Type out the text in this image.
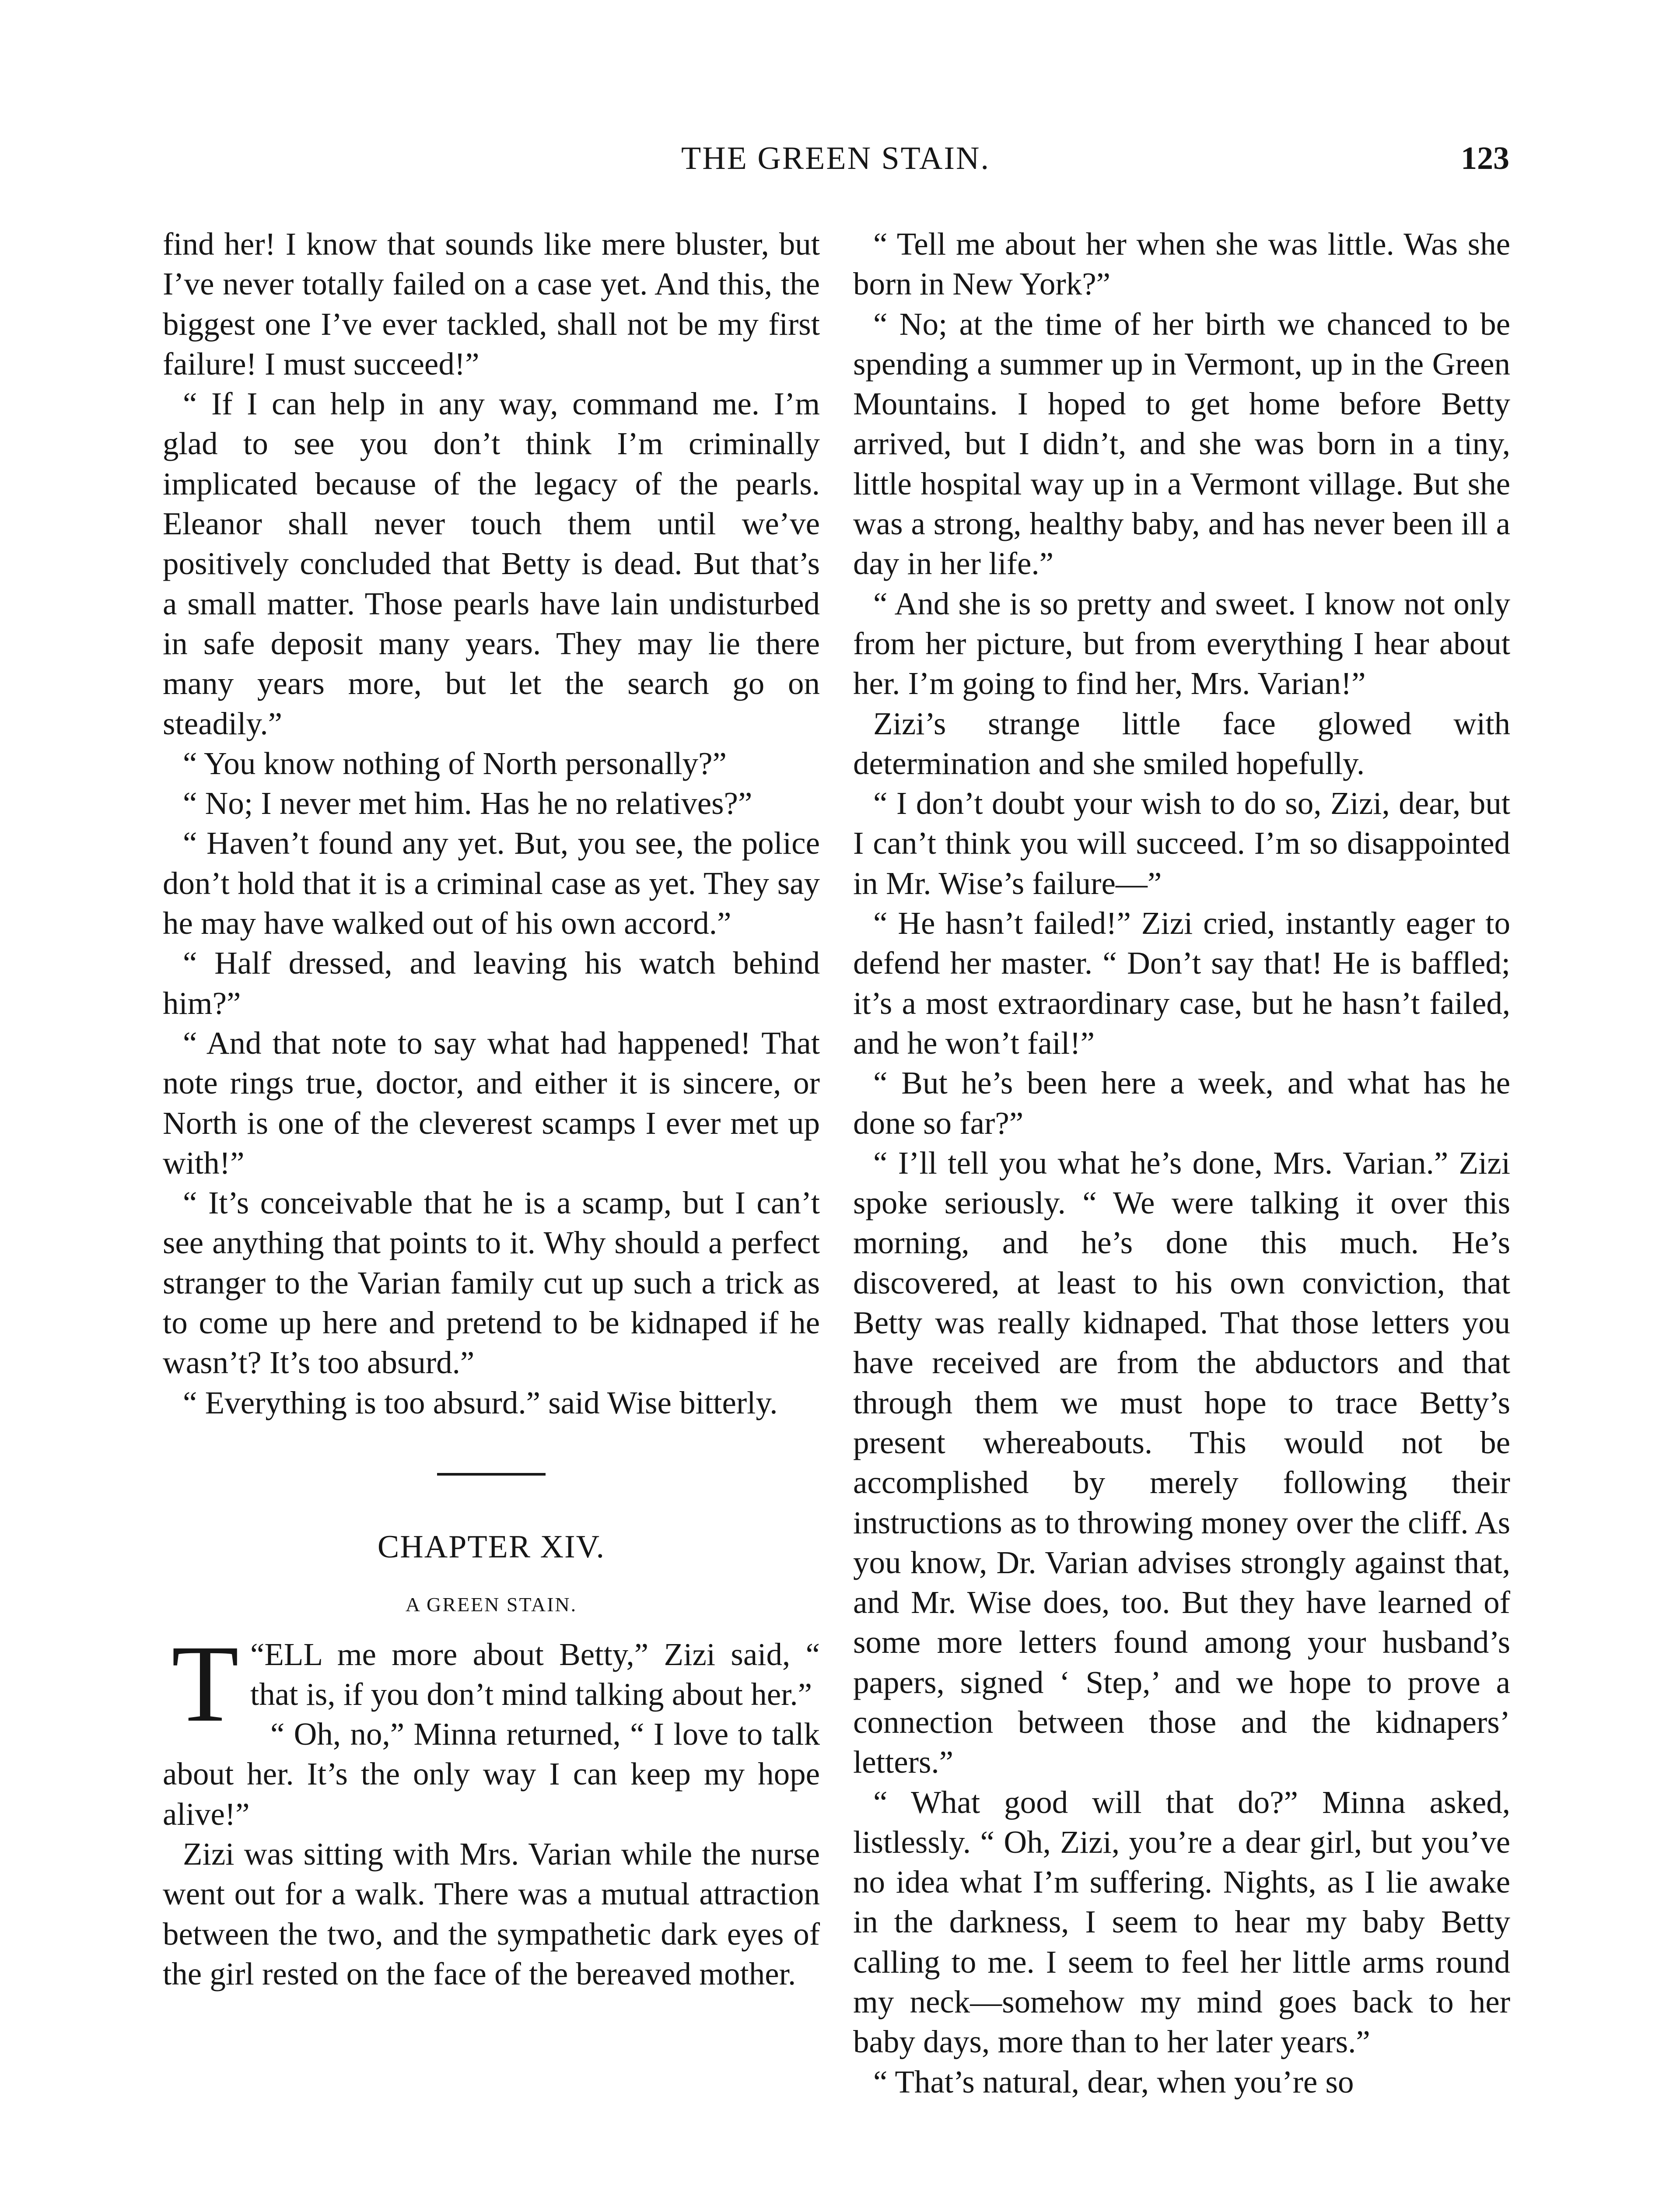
THE GREEN STAIN.	123

find her! I know that sounds like mere bluster, but I’ve never totally failed on a case yet. And this, the biggest one I’ve ever tackled, shall not be my first failure! I must succeed!”

“ If I can help in any way, command me. I’m glad to see you don’t think I’m criminally implicated because of the legacy of the pearls. Eleanor shall never touch them until we’ve positively concluded that Betty is dead. But that’s a small matter. Those pearls have lain undisturbed in safe deposit many years. They may lie there many years more, but let the search go on steadily.”

“ You know nothing of North personally?”

“ No; I never met him. Has he no relatives?”

“ Haven’t found any yet. But, you see, the police don’t hold that it is a criminal case as yet. They say he may have walked out of his own accord.”

“ Half dressed, and leaving his watch behind him?”

“ And that note to say what had happened! That note rings true, doctor, and either it is sincere, or North is one of the cleverest scamps I ever met up with!”

“ It’s conceivable that he is a scamp, but I can’t see anything that points to it. Why should a perfect stranger to the Varian family cut up such a trick as to come up here and pretend to be kidnaped if he wasn’t? It’s too absurd.”

“ Everything is too absurd.” said Wise bitterly.

CHAPTER XIV.
A GREEN STAIN.

T “ELL me more about Betty,” Zizi said, “ that is, if you don’t mind talking about her.”

“ Oh, no,” Minna returned, “ I love to talk about her. It’s the only way I can keep my hope alive!”

Zizi was sitting with Mrs. Varian while the nurse went out for a walk. There was a mutual attraction between the two, and the sympathetic dark eyes of the girl rested on the face of the bereaved mother.

“ Tell me about her when she was little. Was she born in New York?”

“ No; at the time of her birth we chanced to be spending a summer up in Vermont, up in the Green Mountains. I hoped to get home before Betty arrived, but I didn’t, and she was born in a tiny, little hospital way up in a Vermont village. But she was a strong, healthy baby, and has never been ill a day in her life.”

“ And she is so pretty and sweet. I know not only from her picture, but from everything I hear about her. I’m going to find her, Mrs. Varian!”

Zizi’s strange little face glowed with determination and she smiled hopefully.

“ I don’t doubt your wish to do so, Zizi, dear, but I can’t think you will succeed. I’m so disappointed in Mr. Wise’s failure—”

“ He hasn’t failed!” Zizi cried, instantly eager to defend her master. “ Don’t say that! He is baffled; it’s a most extraordinary case, but he hasn’t failed, and he won’t fail!”

“ But he’s been here a week, and what has he done so far?”

“ I’ll tell you what he’s done, Mrs. Varian.” Zizi spoke seriously. “ We were talking it over this morning, and he’s done this much. He’s discovered, at least to his own conviction, that Betty was really kidnaped. That those letters you have received are from the abductors and that through them we must hope to trace Betty’s present whereabouts. This would not be accomplished by merely following their instructions as to throwing money over the cliff. As you know, Dr. Varian advises strongly against that, and Mr. Wise does, too. But they have learned of some more letters found among your husband’s papers, signed ‘ Step,’ and we hope to prove a connection between those and the kidnapers’ letters.”

“ What good will that do?” Minna asked, listlessly. “ Oh, Zizi, you’re a dear girl, but you’ve no idea what I’m suffering. Nights, as I lie awake in the darkness, I seem to hear my baby Betty calling to me. I seem to feel her little arms round my neck—somehow my mind goes back to her baby days, more than to her later years.”

“ That’s natural, dear, when you’re so
